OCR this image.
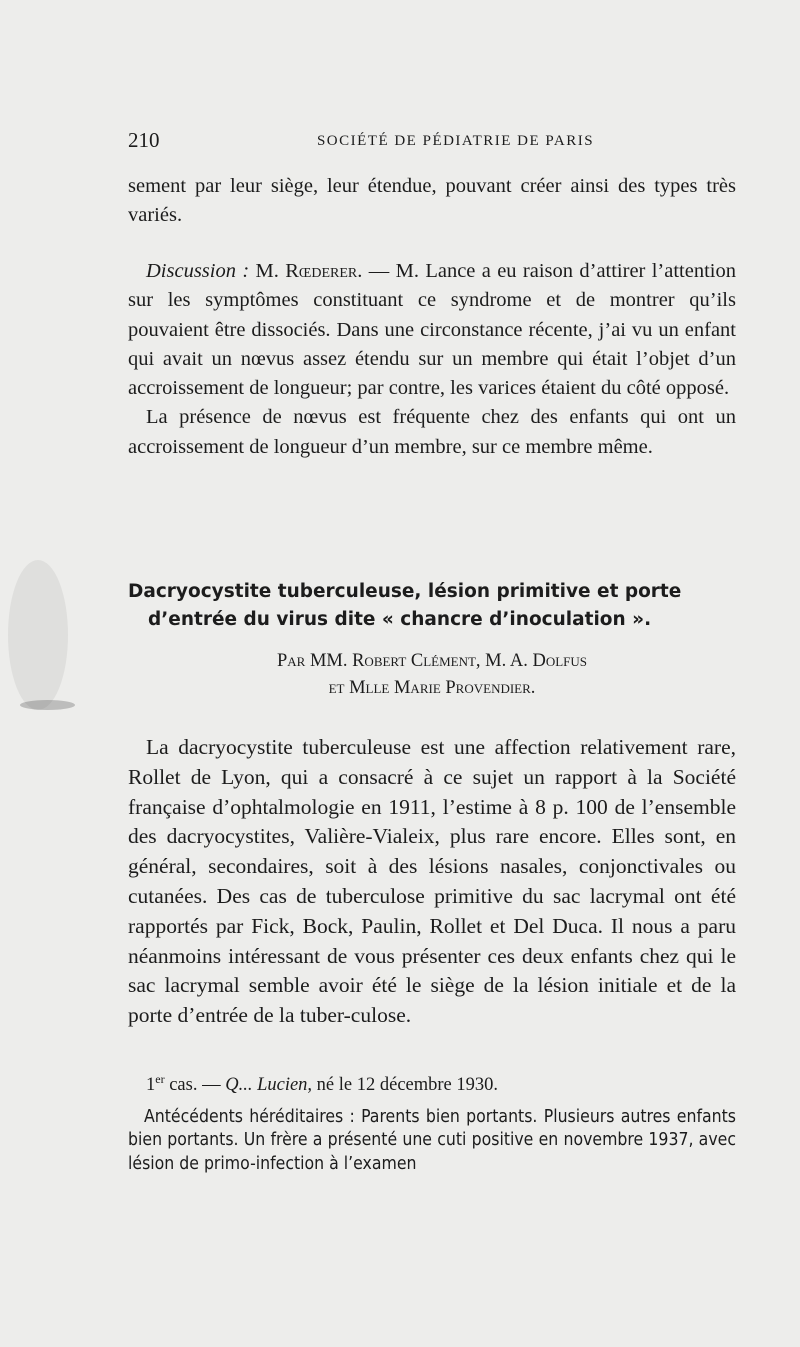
210	SOCIÉTÉ DE PÉDIATRIE DE PARIS

sement par leur siège, leur étendue, pouvant créer ainsi des types très variés.

Discussion : M. Rœderer. — M. Lance a eu raison d’attirer l’attention sur les symptômes constituant ce syndrome et de montrer qu’ils pouvaient être dissociés. Dans une circonstance récente, j’ai vu un enfant qui avait un nœvus assez étendu sur un membre qui était l’objet d’un accroissement de longueur; par contre, les varices étaient du côté opposé.

La présence de nœvus est fréquente chez des enfants qui ont un accroissement de longueur d’un membre, sur ce membre même.

Dacryocystite tuberculeuse, lésion primitive et porte
d’entrée du virus dite « chancre d’inoculation ».
Par MM. Robert Clément, M. A. Dolfus
et Mlle Marie Provendier.

La dacryocystite tuberculeuse est une affection relativement rare, Rollet de Lyon, qui a consacré à ce sujet un rapport à la Société française d’ophtalmologie en 1911, l’estime à 8 p. 100 de l’ensemble des dacryocystites, Valière-Vialeix, plus rare encore. Elles sont, en général, secondaires, soit à des lésions nasales, conjonctivales ou cutanées. Des cas de tuberculose primitive du sac lacrymal ont été rapportés par Fick, Bock, Paulin, Rollet et Del Duca. Il nous a paru néanmoins intéressant de vous présenter ces deux enfants chez qui le sac lacrymal semble avoir été le siège de la lésion initiale et de la porte d’entrée de la tuber-culose.

1er cas. — Q... Lucien, né le 12 décembre 1930.

Antécédents héréditaires : Parents bien portants. Plusieurs autres enfants bien portants. Un frère a présenté une cuti positive en novembre 1937, avec lésion de primo-infection à l’examen
